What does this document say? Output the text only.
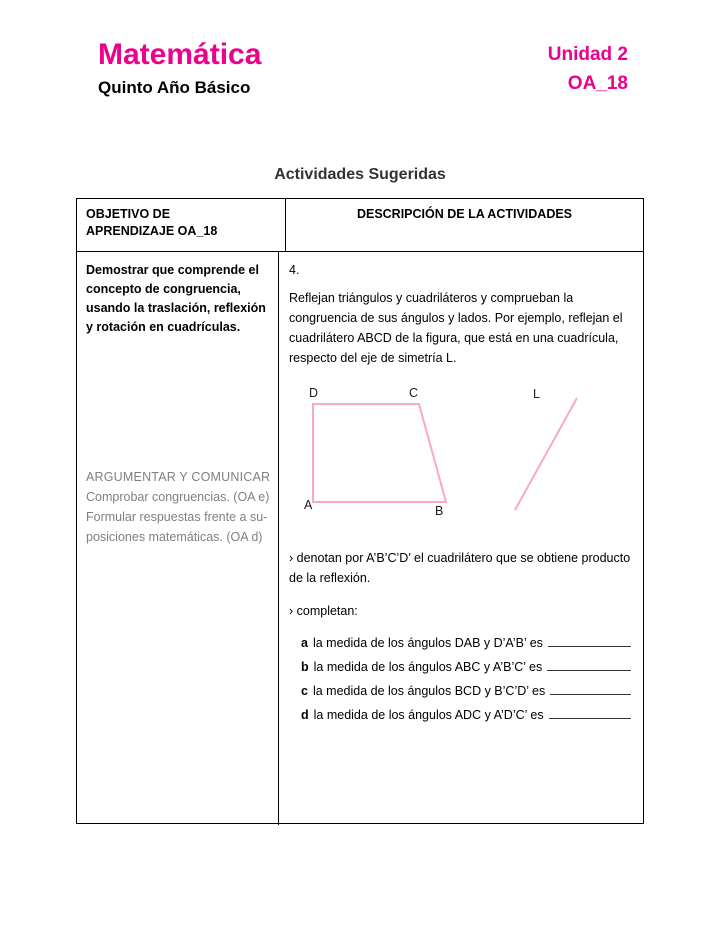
Matemática
Quinto Año Básico
Unidad 2
OA_18
Actividades Sugeridas
OBJETIVO DE
APRENDIZAJE OA_18
DESCRIPCIÓN DE LA ACTIVIDADES
Demostrar que comprende el concepto de congruencia, usando la traslación, reflexión y rotación en cuadrículas.
ARGUMENTAR Y COMUNICAR
Comprobar congruencias. (OA e)
Formular respuestas frente a su-
posiciones matemáticas. (OA d)
4.
Reflejan triángulos y cuadriláteros y comprueban la congruencia de sus ángulos y lados. Por ejemplo, reflejan el cuadrilátero ABCD de la figura, que está en una cuadrícula, respecto del eje de simetría L.
D	C	L
A	B
› denotan por A’B’C’D’ el cuadrilátero que se obtiene producto de la reflexión.
› completan:
a la medida de los ángulos DAB y D’A’B’ es
b la medida de los ángulos ABC y A’B’C’ es
c la medida de los ángulos BCD y B’C’D’ es
d la medida de los ángulos ADC y A’D’C’ es
